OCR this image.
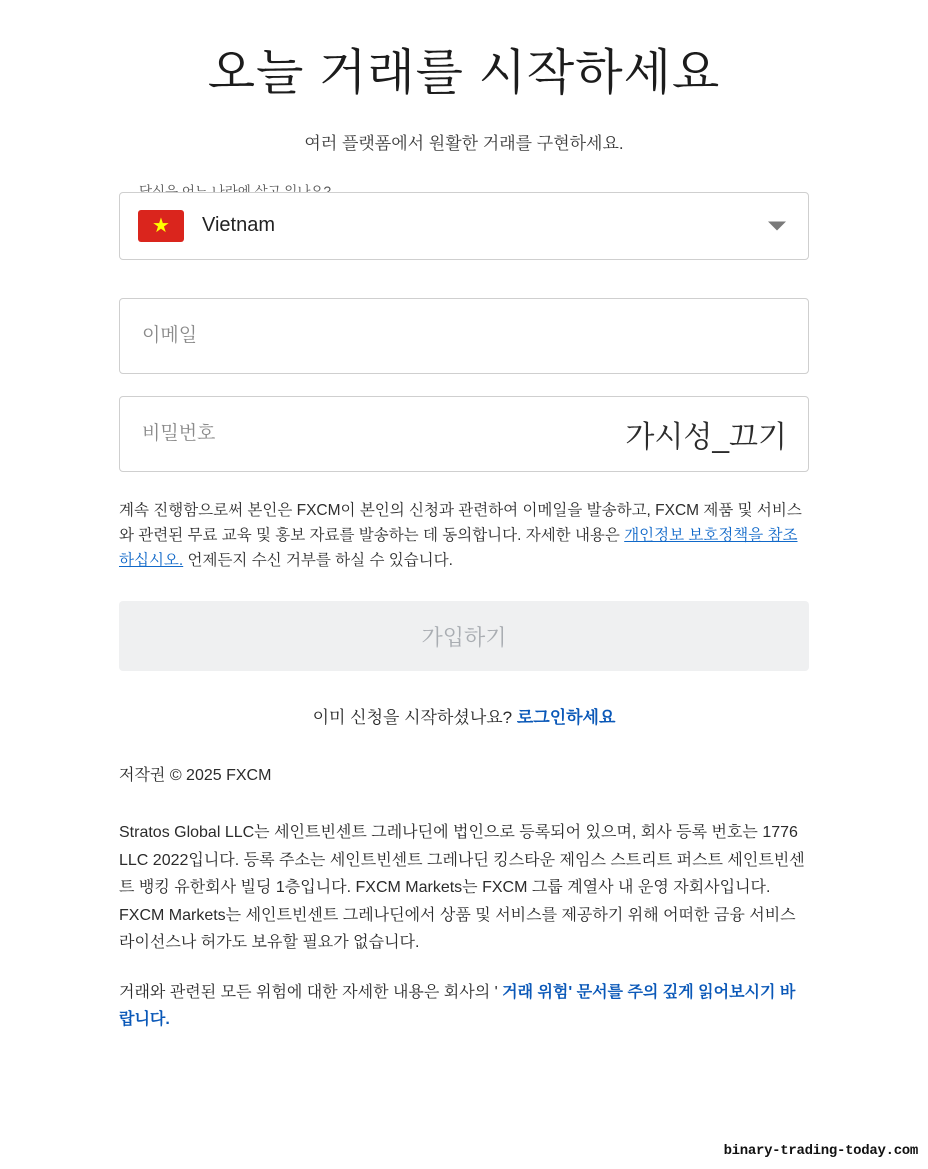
오늘 거래를 시작하세요

여러 플랫폼에서 원활한 거래를 구현하세요.

★ Vietnam
이메일
가시성_끄기
계속 진행함으로써 본인은 FXCM이 본인의 신청과 관련하여 이메일을 발송하고, FXCM 제품 및 서비스와 관련된 무료 교육 및 홍보 자료를 발송하는 데 동의합니다. 자세한 내용은 개인정보 보호정책을 참조하십시오. 언제든지 수신 거부를 하실 수 있습니다.
가입하기
이미 신청을 시작하셨나요? 로그인하세요
저작권 © 2025 FXCM

Stratos Global LLC는 세인트빈센트 그레나딘에 법인으로 등록되어 있으며, 회사 등록 번호는 1776 LLC 2022입니다. 등록 주소는 세인트빈센트 그레나딘 킹스타운 제임스 스트리트 퍼스트 세인트빈센트 뱅킹 유한회사 빌딩 1층입니다. FXCM Markets는 FXCM 그룹 계열사 내 운영 자회사입니다. FXCM Markets는 세인트빈센트 그레나딘에서 상품 및 서비스를 제공하기 위해 어떠한 금융 서비스 라이선스나 허가도 보유할 필요가 없습니다.

거래와 관련된 모든 위험에 대한 자세한 내용은 회사의 ' 거래 위험' 문서를 주의 깊게 읽어보시기 바랍니다.

binary-trading-today.com
